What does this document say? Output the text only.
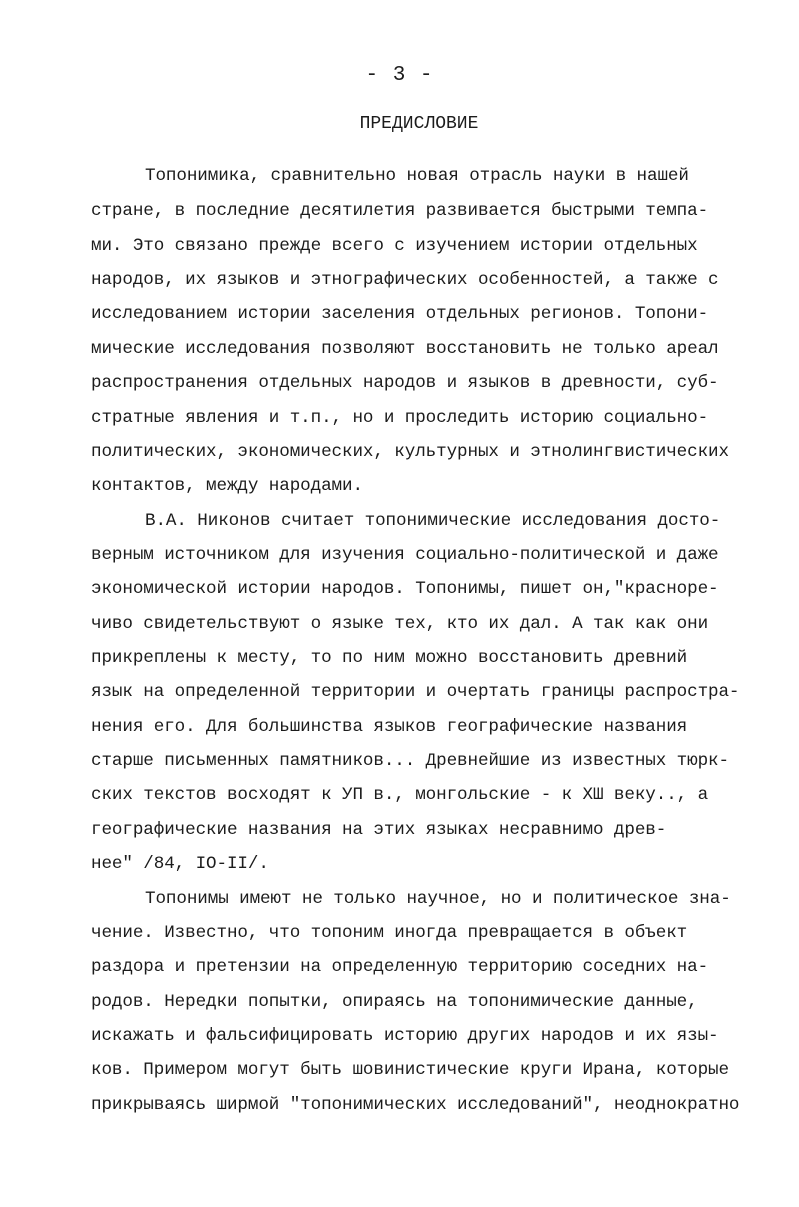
- 3 -
ПРЕДИСЛОВИЕ
Топонимика, сравнительно новая отрасль науки в нашей
стране, в последние десятилетия развивается быстрыми темпа-
ми. Это связано прежде всего с изучением истории отдельных
народов, их языков и этнографических особенностей, а также с
исследованием истории заселения отдельных регионов. Топони-
мические исследования позволяют восстановить не только ареал
распространения отдельных народов и языков в древности, суб-
стратные явления и т.п., но и проследить историю социально-
политических, экономических, культурных и этнолингвистических
контактов, между народами.
В.А. Никонов считает топонимические исследования досто-
верным источником для изучения социально-политической и даже
экономической истории народов. Топонимы, пишет он,"красноре-
чиво свидетельствуют о языке тех, кто их дал. А так как они
прикреплены к месту, то по ним можно восстановить древний
язык на определенной территории и очертать границы распростра-
нения его. Для большинства языков географические названия
старше письменных памятников... Древнейшие из известных тюрк-
ских текстов восходят к УП в., монгольские - к ХШ веку.., а
географические названия на этих языках несравнимо древ-
нее" /84, IO-II/.
Топонимы имеют не только научное, но и политическое зна-
чение. Известно, что топоним иногда превращается в объект
раздора и претензии на определенную территорию соседних на-
родов. Нередки попытки, опираясь на топонимические данные,
искажать и фальсифицировать историю других народов и их язы-
ков. Примером могут быть шовинистические круги Ирана, которые
прикрываясь ширмой "топонимических исследований", неоднократно
